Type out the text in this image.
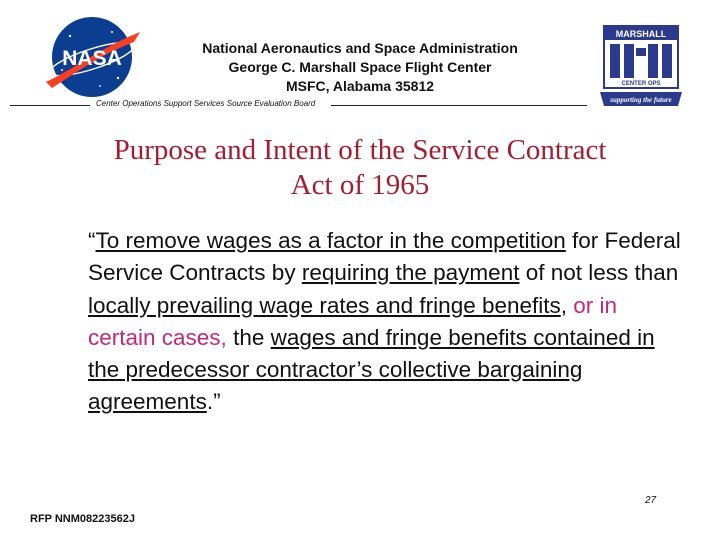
NASA
MARSHALL
CENTER OPS
supporting the future
National Aeronautics and Space Administration
George C. Marshall Space Flight Center
MSFC, Alabama 35812
Center Operations Support Services Source Evaluation Board
Purpose and Intent of the Service Contract
Act of 1965
“To remove wages as a factor in the competition for Federal Service Contracts by requiring the payment of not less than locally prevailing wage rates and fringe benefits, or in certain cases, the wages and fringe benefits contained in the predecessor contractor’s collective bargaining agreements.”
27
RFP NNM08223562J
